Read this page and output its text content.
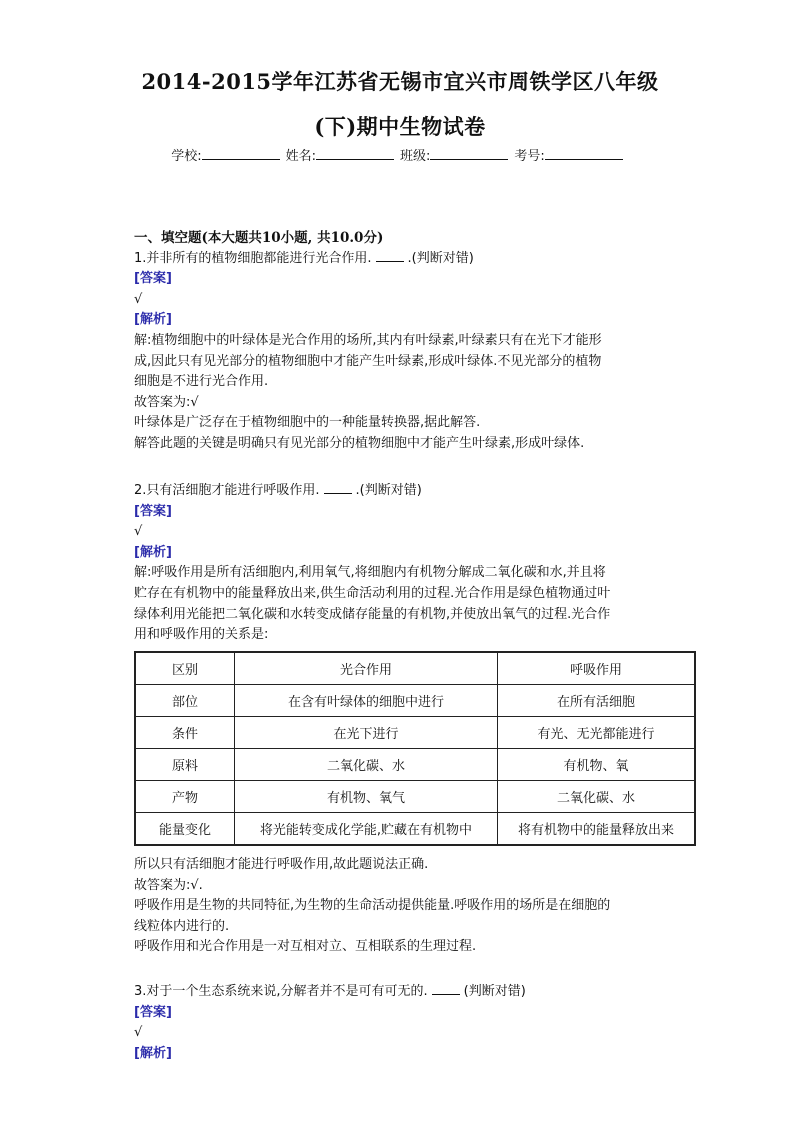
2014-2015学年江苏省无锡市宜兴市周铁学区八年级
(下)期中生物试卷
学校:	姓名:	班级:	考号:
一、填空题(本大题共10小题, 共10.0分)
1.并非所有的植物细胞都能进行光合作用.	.(判断对错)
[答案]
√
[解析]
解:植物细胞中的叶绿体是光合作用的场所,其内有叶绿素,叶绿素只有在光下才能形
成,因此只有见光部分的植物细胞中才能产生叶绿素,形成叶绿体.不见光部分的植物
细胞是不进行光合作用.
故答案为:√
叶绿体是广泛存在于植物细胞中的一种能量转换器,据此解答.
解答此题的关键是明确只有见光部分的植物细胞中才能产生叶绿素,形成叶绿体.
2.只有活细胞才能进行呼吸作用.	.(判断对错)
[答案]
√
[解析]
解:呼吸作用是所有活细胞内,利用氧气,将细胞内有机物分解成二氧化碳和水,并且将
贮存在有机物中的能量释放出来,供生命活动利用的过程.光合作用是绿色植物通过叶
绿体利用光能把二氧化碳和水转变成储存能量的有机物,并使放出氧气的过程.光合作
用和呼吸作用的关系是:
区别	光合作用	呼吸作用
部位	在含有叶绿体的细胞中进行	在所有活细胞
条件	在光下进行	有光、无光都能进行
原料	二氧化碳、水	有机物、氧
产物	有机物、氧气	二氧化碳、水
能量变化	将光能转变成化学能,贮藏在有机物中	将有机物中的能量释放出来
所以只有活细胞才能进行呼吸作用,故此题说法正确.
故答案为:√.
呼吸作用是生物的共同特征,为生物的生命活动提供能量.呼吸作用的场所是在细胞的
线粒体内进行的.
呼吸作用和光合作用是一对互相对立、互相联系的生理过程.
3.对于一个生态系统来说,分解者并不是可有可无的.	(判断对错)
[答案]
√
[解析]
